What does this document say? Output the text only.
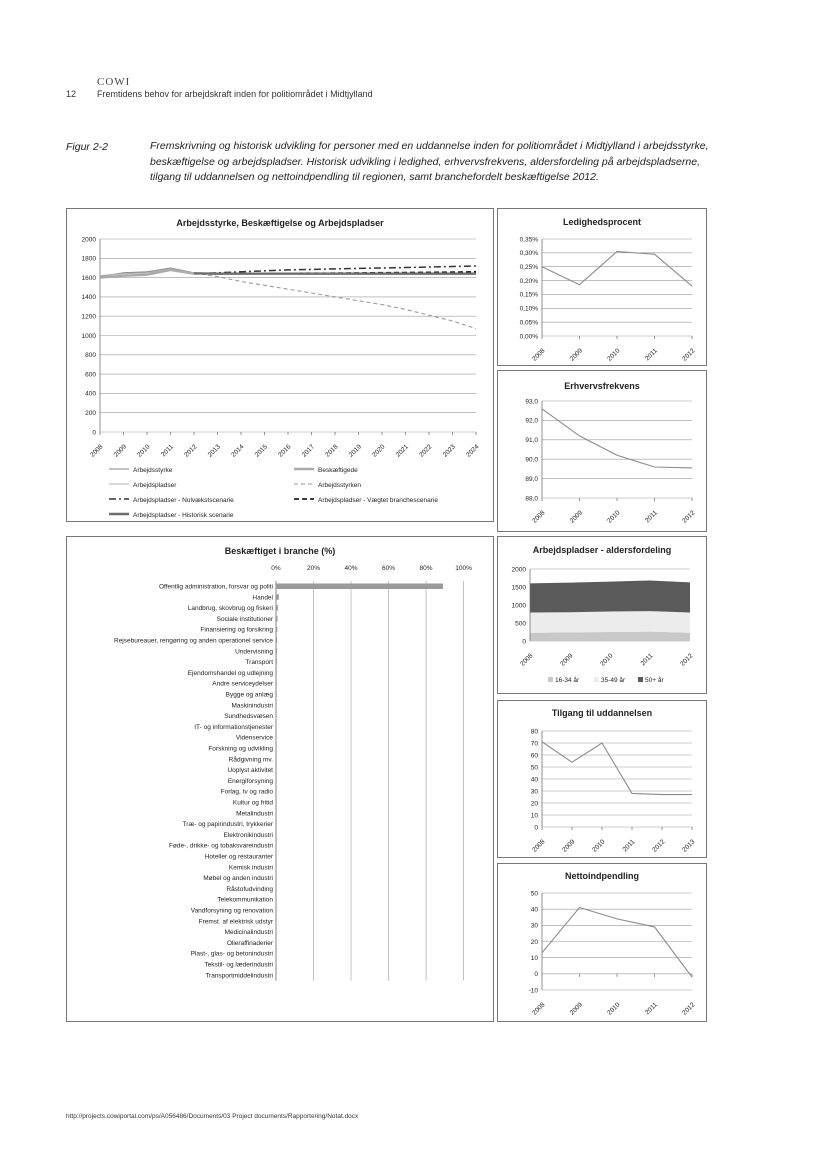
COWI
12 Fremtidens behov for arbejdskraft inden for politiområdet i Midtjylland
Figur 2-2	Fremskrivning og historisk udvikling for personer med en uddannelse inden for politiområdet i Midtjylland i arbejdsstyrke, beskæftigelse og arbejdspladser. Historisk udvikling i ledighed, erhvervsfrekvens, aldersfordeling på arbejdspladserne, tilgang til uddannelsen og nettoindpendling til regionen, samt branchefordelt beskæftigelse 2012.
Arbejdsstyrke, Beskæftigelse og Arbejdspladser
0
200
400
600
800
1000
1200
1400
1600
1800
2000
2008 2009 2010 2011 2012 2013 2014 2015 2016 2017 2018 2019 2020 2021 2022 2023 2024
Arbejdsstyrke	Beskæftigede
Arbejdspladser	Arbejdsstyrken
Arbejdspladser - Nulvækstscenarie	Arbejdspladser - Vægtet branchescenarie
Arbejdspladser - Historisk scenarie
Ledighedsprocent
0,00%
0,05%
0,10%
0,15%
0,20%
0,25%
0,30%
0,35%
2008	2009	2010	2011	2012
Erhvervsfrekvens
88,0
89,0
90,0
91,0
92,0
93,0
2008	2009	2010	2011	2012
Beskæftiget i branche (%)
0%	20%	40%	60%	80%	100%
Offentlig administration, forsvar og politi
Handel
Landbrug, skovbrug og fiskeri
Sociale institutioner
Finansiering og forsikring
Rejsebureauer, rengøring og anden operationel service
Undervisning
Transport
Ejendomshandel og udlejning
Andre serviceydelser
Bygge og anlæg
Maskinindustri
Sundhedsvæsen
IT- og informationstjenester
Videnservice
Forskning og udvikling
Rådgivning mv.
Uoplyst aktivitet
Energiforsyning
Forlag, tv og radio
Kultur og fritid
Metalindustri
Træ- og papirindustri, trykkerier
Elektronikindustri
Føde-, drikke- og tobaksvareindustri
Hoteller og restauranter
Kemisk industri
Møbel og anden industri
Råstofudvinding
Telekommunikation
Vandforsyning og renovation
Fremst. af elektrisk udstyr
Medicinalindustri
Olieraffinaderier
Plast-, glas- og betonindustri
Tekstil- og læderindustri
Transportmiddelindustri
Arbejdspladser - aldersfordeling
0
500
1000
1500
2000
2008	2009	2010	2011	2012
16-34 år	35-49 år	50+ år
Tilgang til uddannelsen
0
10
20
30
40
50
60
70
80
2008 2009 2010 2011 2012 2013
Nettoindpendling
-10
0
10
20
30
40
50
2008	2009	2010	2011	2012
http://projects.cowiportal.com/ps/A056486/Documents/03 Project documents/Rapportering/Notat.docx
